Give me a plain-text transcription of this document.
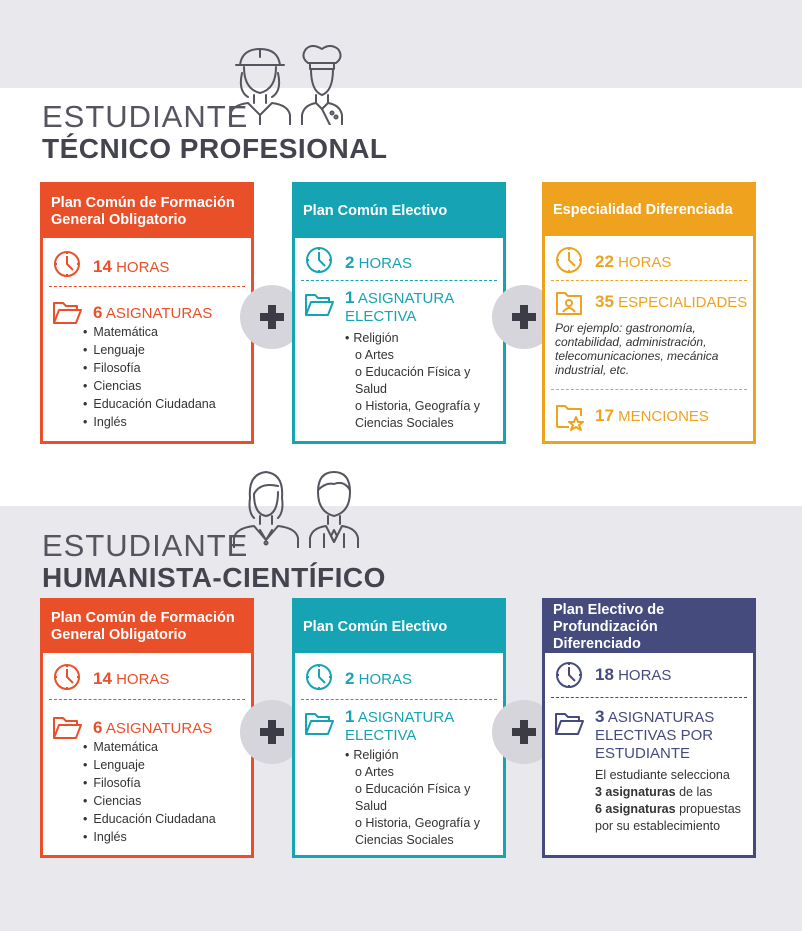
ESTUDIANTE
TÉCNICO PROFESIONAL
Plan Común de Formación General Obligatorio
14 HORAS
6 ASIGNATURAS
• Matemática
• Lenguaje
• Filosofía
• Ciencias
• Educación Ciudadana
• Inglés
Plan Común Electivo
2 HORAS
1 ASIGNATURA
ELECTIVA
• Religión
o Artes
o Educación Física y
Salud
o Historia, Geografía y
Ciencias Sociales
Especialidad Diferenciada
22 HORAS
35 ESPECIALIDADES
Por ejemplo: gastronomía, contabilidad, administración, telecomunicaciones, mecánica industrial, etc.
17 MENCIONES
ESTUDIANTE
HUMANISTA-CIENTÍFICO
Plan Común de Formación General Obligatorio
14 HORAS
6 ASIGNATURAS
• Matemática
• Lenguaje
• Filosofía
• Ciencias
• Educación Ciudadana
• Inglés
Plan Común Electivo
2 HORAS
1 ASIGNATURA
ELECTIVA
• Religión
o Artes
o Educación Física y
Salud
o Historia, Geografía y
Ciencias Sociales
Plan Electivo de Profundización Diferenciado
18 HORAS
3 ASIGNATURAS
ELECTIVAS POR
ESTUDIANTE
El estudiante selecciona
3 asignaturas de las
6 asignaturas propuestas
por su establecimiento
